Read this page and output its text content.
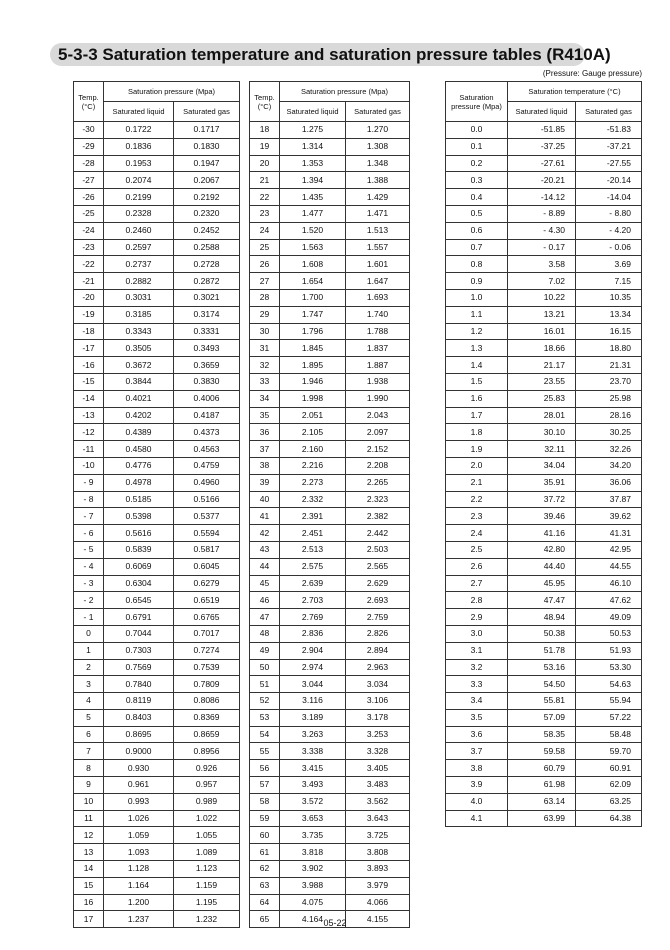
5-3-3 Saturation temperature and saturation pressure tables (R410A)
(Pressure: Gauge pressure)
Temp. (°C)	Saturation pressure (Mpa)	
	Saturated liquid	Saturated gas
-30	0.1722	0.1717
-29	0.1836	0.1830
-28	0.1953	0.1947
-27	0.2074	0.2067
-26	0.2199	0.2192
-25	0.2328	0.2320
-24	0.2460	0.2452
-23	0.2597	0.2588
-22	0.2737	0.2728
-21	0.2882	0.2872
-20	0.3031	0.3021
-19	0.3185	0.3174
-18	0.3343	0.3331
-17	0.3505	0.3493
-16	0.3672	0.3659
-15	0.3844	0.3830
-14	0.4021	0.4006
-13	0.4202	0.4187
-12	0.4389	0.4373
-11	0.4580	0.4563
-10	0.4776	0.4759
- 9	0.4978	0.4960
- 8	0.5185	0.5166
- 7	0.5398	0.5377
- 6	0.5616	0.5594
- 5	0.5839	0.5817
- 4	0.6069	0.6045
- 3	0.6304	0.6279
- 2	0.6545	0.6519
- 1	0.6791	0.6765
0	0.7044	0.7017
1	0.7303	0.7274
2	0.7569	0.7539
3	0.7840	0.7809
4	0.8119	0.8086
5	0.8403	0.8369
6	0.8695	0.8659
7	0.9000	0.8956
8	0.930	0.926
9	0.961	0.957
10	0.993	0.989
11	1.026	1.022
12	1.059	1.055
13	1.093	1.089
14	1.128	1.123
15	1.164	1.159
16	1.200	1.195
17	1.237	1.232
Temp. (°C)	Saturation pressure (Mpa)	
	Saturated liquid	Saturated gas
18	1.275	1.270
19	1.314	1.308
20	1.353	1.348
21	1.394	1.388
22	1.435	1.429
23	1.477	1.471
24	1.520	1.513
25	1.563	1.557
26	1.608	1.601
27	1.654	1.647
28	1.700	1.693
29	1.747	1.740
30	1.796	1.788
31	1.845	1.837
32	1.895	1.887
33	1.946	1.938
34	1.998	1.990
35	2.051	2.043
36	2.105	2.097
37	2.160	2.152
38	2.216	2.208
39	2.273	2.265
40	2.332	2.323
41	2.391	2.382
42	2.451	2.442
43	2.513	2.503
44	2.575	2.565
45	2.639	2.629
46	2.703	2.693
47	2.769	2.759
48	2.836	2.826
49	2.904	2.894
50	2.974	2.963
51	3.044	3.034
52	3.116	3.106
53	3.189	3.178
54	3.263	3.253
55	3.338	3.328
56	3.415	3.405
57	3.493	3.483
58	3.572	3.562
59	3.653	3.643
60	3.735	3.725
61	3.818	3.808
62	3.902	3.893
63	3.988	3.979
64	4.075	4.066
65	4.164	4.155
Saturation pressure (Mpa)	Saturation temperature (°C)	
	Saturated liquid	Saturated gas
0.0	-51.85	-51.83
0.1	-37.25	-37.21
0.2	-27.61	-27.55
0.3	-20.21	-20.14
0.4	-14.12	-14.04
0.5	- 8.89	- 8.80
0.6	- 4.30	- 4.20
0.7	- 0.17	- 0.06
0.8	3.58	3.69
0.9	7.02	7.15
1.0	10.22	10.35
1.1	13.21	13.34
1.2	16.01	16.15
1.3	18.66	18.80
1.4	21.17	21.31
1.5	23.55	23.70
1.6	25.83	25.98
1.7	28.01	28.16
1.8	30.10	30.25
1.9	32.11	32.26
2.0	34.04	34.20
2.1	35.91	36.06
2.2	37.72	37.87
2.3	39.46	39.62
2.4	41.16	41.31
2.5	42.80	42.95
2.6	44.40	44.55
2.7	45.95	46.10
2.8	47.47	47.62
2.9	48.94	49.09
3.0	50.38	50.53
3.1	51.78	51.93
3.2	53.16	53.30
3.3	54.50	54.63
3.4	55.81	55.94
3.5	57.09	57.22
3.6	58.35	58.48
3.7	59.58	59.70
3.8	60.79	60.91
3.9	61.98	62.09
4.0	63.14	63.25
4.1	63.99	64.38
05-22
